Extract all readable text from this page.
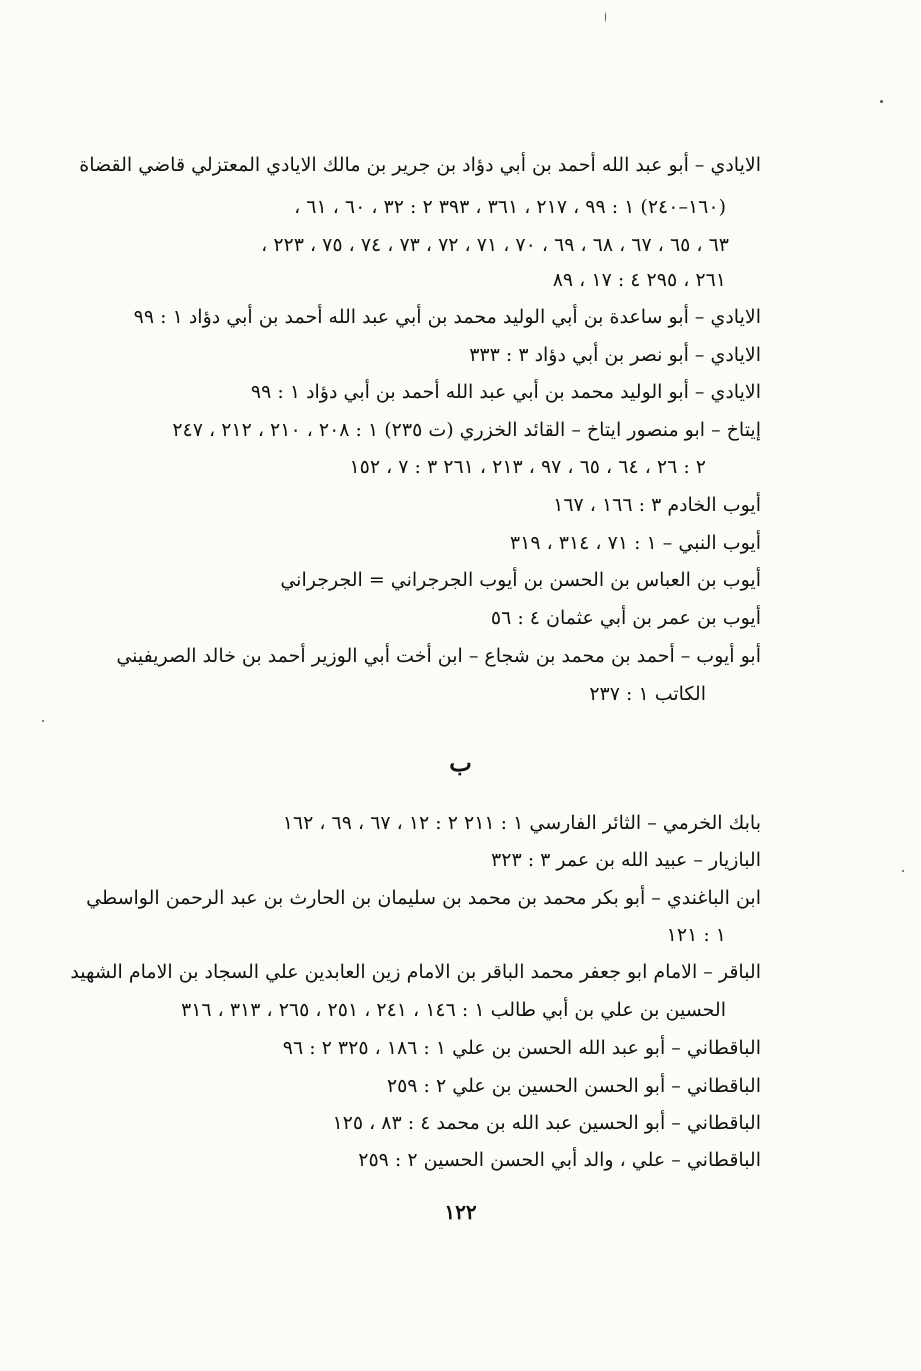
الايادي – أبو عبد الله أحمد بن أبي دؤاد بن جرير بن مالك الايادي المعتزلي قاضي القضاة
(١٦٠–٢٤٠) ١ : ٩٩ ، ٢١٧ ، ٣٦١ ، ٣٩٣ ٢ : ٣٢ ، ٦٠ ، ٦١ ،
٦٣ ، ٦٥ ، ٦٧ ، ٦٨ ، ٦٩ ، ٧٠ ، ٧١ ، ٧٢ ، ٧٣ ، ٧٤ ، ٧٥ ، ٢٢٣ ،
٢٦١ ، ٢٩٥ ٤ : ١٧ ، ٨٩
الايادي – أبو ساعدة بن أبي الوليد محمد بن أبي عبد الله أحمد بن أبي دؤاد ١ : ٩٩
الايادي – أبو نصر بن أبي دؤاد ٣ : ٣٣٣
الايادي – أبو الوليد محمد بن أبي عبد الله أحمد بن أبي دؤاد ١ : ٩٩
إيتاخ – ابو منصور ايتاخ – القائد الخزري (ت ٢٣٥) ١ : ٢٠٨ ، ٢١٠ ، ٢١٢ ، ٢٤٧
٢ : ٢٦ ، ٦٤ ، ٦٥ ، ٩٧ ، ٢١٣ ، ٢٦١ ٣ : ٧ ، ١٥٢
أيوب الخادم ٣ : ١٦٦ ، ١٦٧
أيوب النبي – ١ : ٧١ ، ٣١٤ ، ٣١٩
أيوب بن العباس بن الحسن بن أيوب الجرجراني = الجرجراني
أيوب بن عمر بن أبي عثمان ٤ : ٥٦
أبو أيوب – أحمد بن محمد بن شجاع – ابن أخت أبي الوزير أحمد بن خالد الصريفيني
الكاتب ١ : ٢٣٧
ب
بابك الخرمي – الثائر الفارسي ١ : ٢١١ ٢ : ١٢ ، ٦٧ ، ٦٩ ، ١٦٢
البازيار – عبيد الله بن عمر ٣ : ٣٢٣
ابن الباغندي – أبو بكر محمد بن محمد بن سليمان بن الحارث بن عبد الرحمن الواسطي
١ : ١٢١
الباقر – الامام ابو جعفر محمد الباقر بن الامام زين العابدين علي السجاد بن الامام الشهيد
الحسين بن علي بن أبي طالب ١ : ١٤٦ ، ٢٤١ ، ٢٥١ ، ٢٦٥ ، ٣١٣ ، ٣١٦
الباقطاني – أبو عبد الله الحسن بن علي ١ : ١٨٦ ، ٣٢٥ ٢ : ٩٦
الباقطاني – أبو الحسن الحسين بن علي ٢ : ٢٥٩
الباقطاني – أبو الحسين عبد الله بن محمد ٤ : ٨٣ ، ١٢٥
الباقطاني – علي ، والد أبي الحسن الحسين ٢ : ٢٥٩
١٢٢
